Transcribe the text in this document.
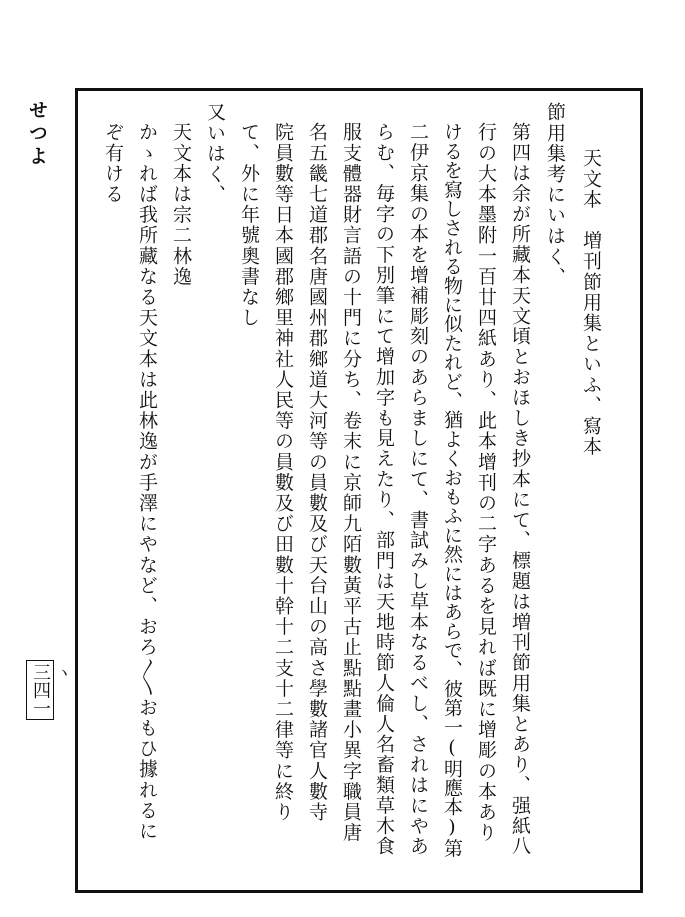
せつよ
三四一 ヽ
天文本　増刊節用集といふ、寫本
節用集考にいはく、
第四は余が所藏本天文頃とおほしき抄本にて、標題は増刊節用集とあり、强紙八
行の大本墨附一百廿四紙あり、此本增刊の二字あるを見れば既に增彫の本あり
けるを寫しされる物に似たれど、猶よくおもふに然にはあらで、彼第一(明應本)第
二伊京集の本を增補彫刻のあらましにて、書試みし草本なるべし、されはにやあ
らむ、毎字の下別筆にて增加字も見えたり、部門は天地時節人倫人名畜類草木食
服支體器財言語の十門に分ち、卷末に京師九陌數黃平古止點點畫小異字職員唐
名五畿七道郡名唐國州郡鄉道大河等の員數及び天台山の高さ學數諸官人數寺
院員數等日本國郡鄉里神社人民等の員數及び田數十幹十二支十二律等に終り
て、外に年號奧書なし
又いはく、
天文本は宗二林逸
かゝれば我所藏なる天文本は此林逸が手澤にやなど、おろ〳〵おもひ據れるに
ぞ有ける
